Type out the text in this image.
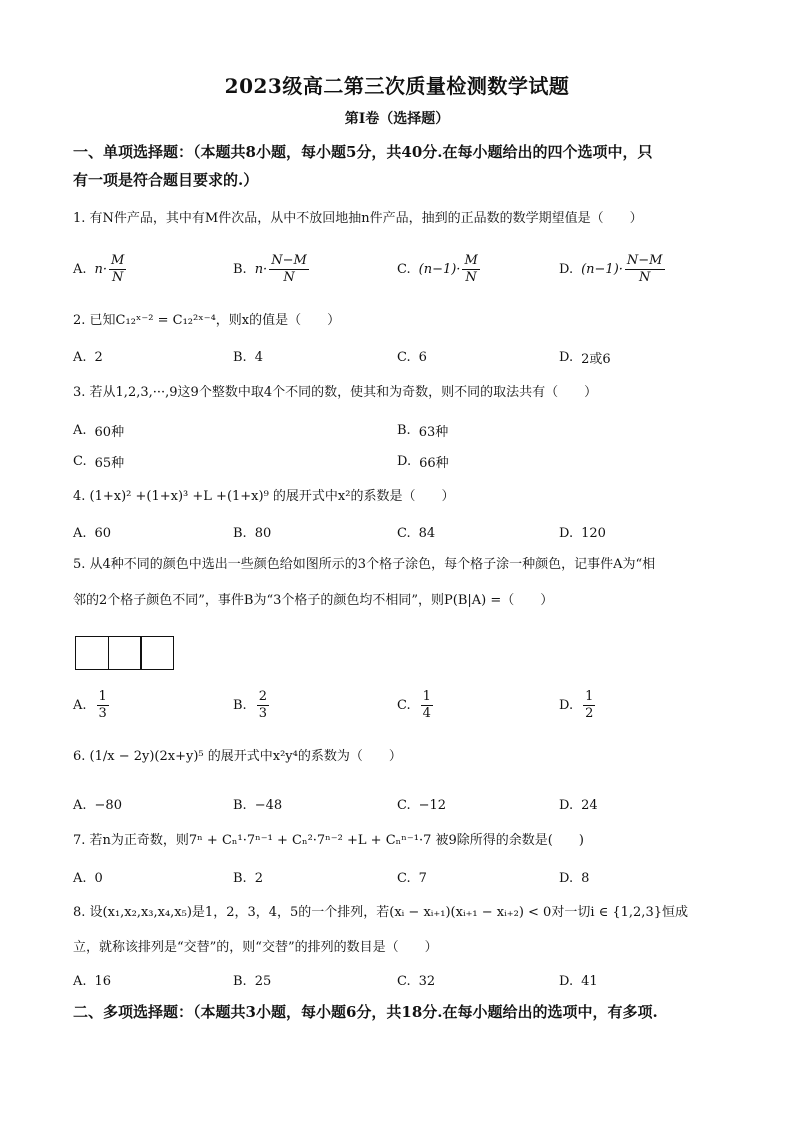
2023级高二第三次质量检测数学试题
第I卷（选择题）
一、单项选择题：（本题共8小题，每小题5分，共40分.在每小题给出的四个选项中，只
有一项是符合题目要求的.）
1. 有N件产品，其中有M件次品，从中不放回地抽n件产品，抽到的正品数的数学期望值是（　　）
A. $n\cdot \frac{M}{N}$	B. $n\cdot \frac{N-M}{N}$	C. $(n-1)\cdot \frac{M}{N}$	D. $(n-1)\cdot \frac{N-M}{N}$
2. 已知C₁₂ˣ⁻² = C₁₂²ˣ⁻⁴，则x的值是（　　）
A. 2	B. 4	C. 6	D. 2或6
3. 若从1,2,3,···,9这9个整数中取4个不同的数，使其和为奇数，则不同的取法共有（　　）
A. 60种	B. 63种
C. 65种	D. 66种
4. (1+x)² +(1+x)³ +L +(1+x)⁹ 的展开式中x²的系数是（　　）
A. 60	B. 80	C. 84	D. 120
5. 从4种不同的颜色中选出一些颜色给如图所示的3个格子涂色，每个格子涂一种颜色，记事件A为“相
邻的2个格子颜色不同”，事件B为“3个格子的颜色均不相同”，则P(B|A) =（　　）
A. $\frac{1}{3}$	B. $\frac{2}{3}$	C. $\frac{1}{4}$	D. $\frac{1}{2}$
6. (1/x − 2y)(2x+y)⁵ 的展开式中x²y⁴的系数为（　　）
A. −80	B. −48	C. −12	D. 24
7. 若n为正奇数，则7ⁿ + Cₙ¹·7ⁿ⁻¹ + Cₙ²·7ⁿ⁻² +L + Cₙⁿ⁻¹·7 被9除所得的余数是(　　)
A. 0	B. 2	C. 7	D. 8
8. 设(x₁,x₂,x₃,x₄,x₅)是1，2，3，4，5的一个排列，若(xᵢ − xᵢ₊₁)(xᵢ₊₁ − xᵢ₊₂) < 0对一切i ∈ {1,2,3}恒成
立，就称该排列是“交替”的，则“交替”的排列的数目是（　　）
A. 16	B. 25	C. 32	D. 41
二、多项选择题：（本题共3小题，每小题6分，共18分.在每小题给出的选项中，有多项.
